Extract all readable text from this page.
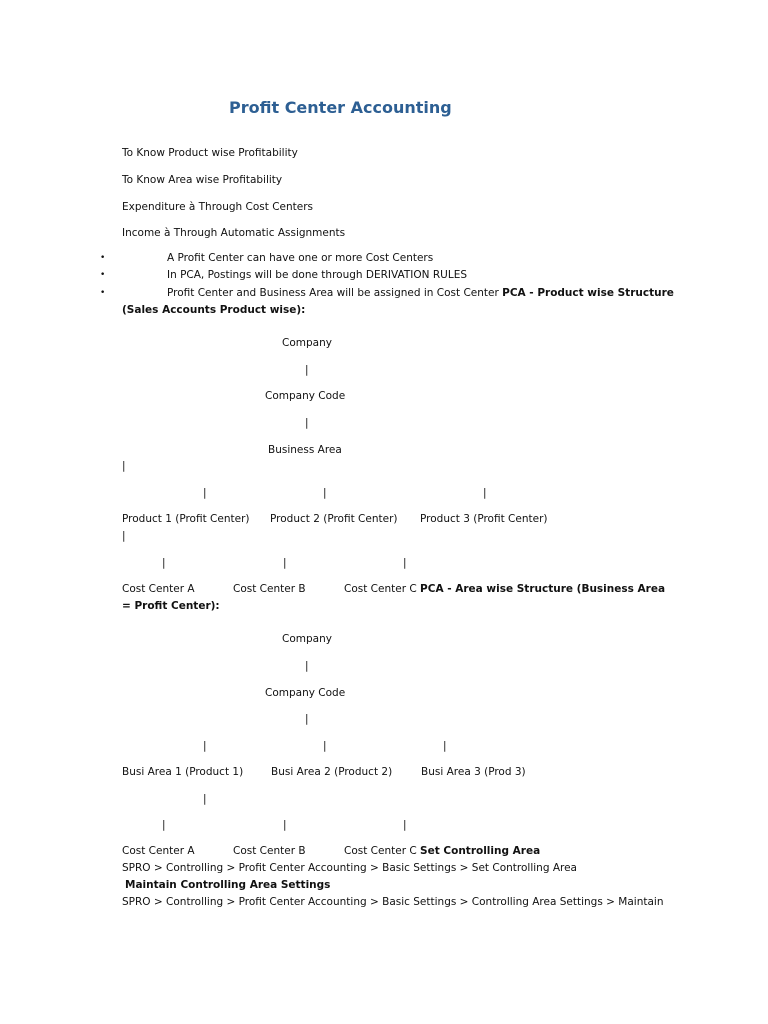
Profit Center Accounting
To Know Product wise Profitability
To Know Area wise Profitability
Expenditure à Through Cost Centers
Income à Through Automatic Assignments
•	A Profit Center can have one or more Cost Centers
•	In PCA, Postings will be done through DERIVATION RULES
•	Profit Center and Business Area will be assigned in Cost Center PCA - Product wise Structure
(Sales Accounts Product wise):
Company
|
Company Code
|
Business Area
|
|	|	|
Product 1 (Profit Center) Product 2 (Profit Center) Product 3 (Profit Center)
|
|	|	|
Cost Center A	Cost Center B	Cost Center C PCA - Area wise Structure (Business Area
= Profit Center):
Company
|
Company Code
|
|	|	|
Busi Area 1 (Product 1)	Busi Area 2 (Product 2)	Busi Area 3 (Prod 3)
|
|	|	|
Cost Center A	Cost Center B	Cost Center C Set Controlling Area
SPRO > Controlling > Profit Center Accounting > Basic Settings > Set Controlling Area
Maintain Controlling Area Settings
SPRO > Controlling > Profit Center Accounting > Basic Settings > Controlling Area Settings > Maintain
